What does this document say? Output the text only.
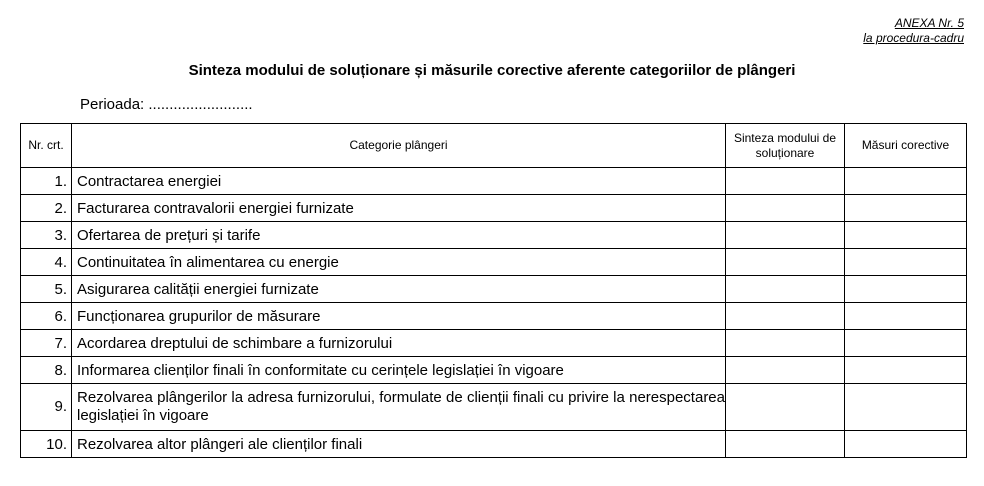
ANEXA Nr. 5
la procedura-cadru
Sinteza modului de soluționare și măsurile corective aferente categoriilor de plângeri
Perioada: .........................
Nr. crt.	Categorie plângeri	Sinteza modului de soluționare	Măsuri corective
1.	Contractarea energiei		
2.	Facturarea contravalorii energiei furnizate		
3.	Ofertarea de prețuri și tarife		
4.	Continuitatea în alimentarea cu energie		
5.	Asigurarea calității energiei furnizate		
6.	Funcționarea grupurilor de măsurare		
7.	Acordarea dreptului de schimbare a furnizorului		
8.	Informarea clienților finali în conformitate cu cerințele legislației în vigoare		
9.	Rezolvarea plângerilor la adresa furnizorului, formulate de clienții finali cu privire la nerespectarea legislației în vigoare		
10.	Rezolvarea altor plângeri ale clienților finali		
